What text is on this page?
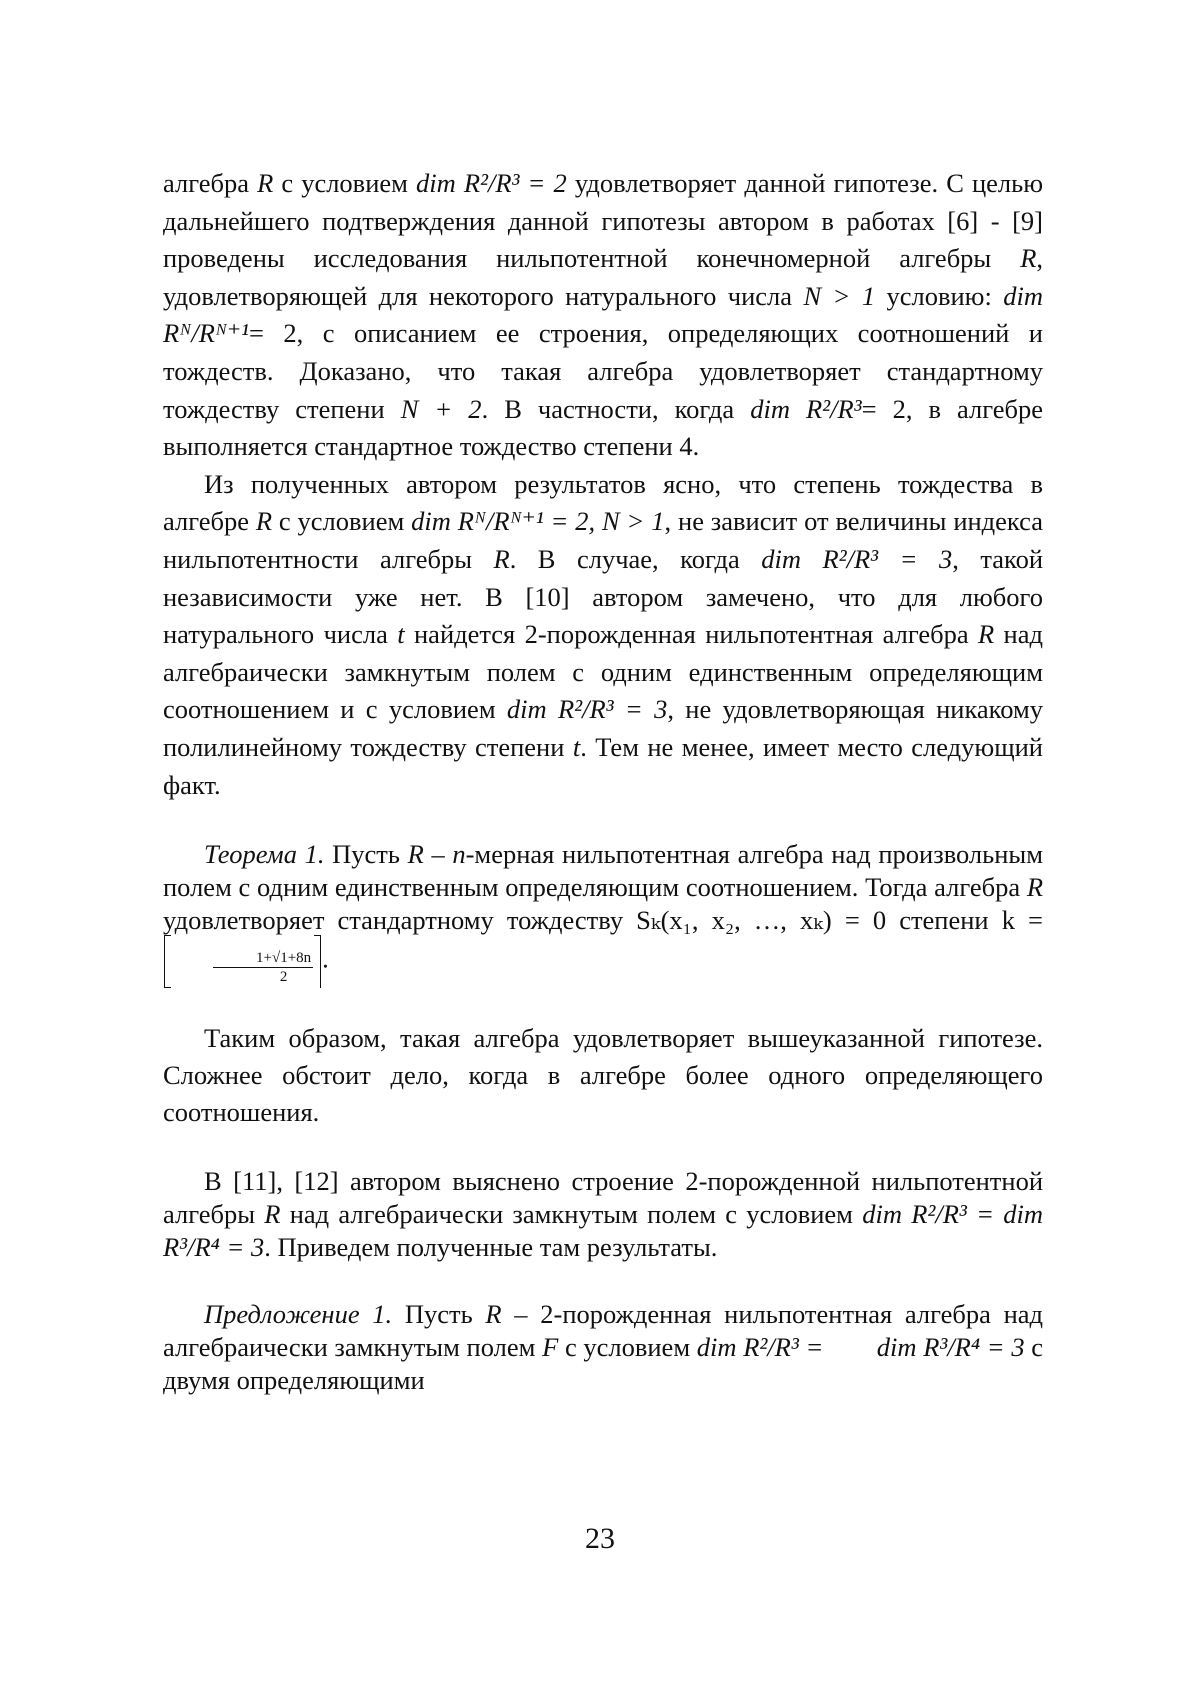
алгебра R с условием dim R²/R³ = 2 удовлетворяет данной гипотезе. С целью дальнейшего подтверждения данной гипотезы автором в работах [6] - [9] проведены исследования нильпотентной конечномерной алгебры R, удовлетворяющей для некоторого натурального числа N > 1 условию: dim Rᴺ/Rᴺ⁺¹= 2, с описанием ее строения, определяющих соотношений и тождеств. Доказано, что такая алгебра удовлетворяет стандартному тождеству степени N + 2. В частности, когда dim R²/R³= 2, в алгебре выполняется стандартное тождество степени 4.

Из полученных автором результатов ясно, что степень тождества в алгебре R с условием dim Rᴺ/Rᴺ⁺¹ = 2, N > 1, не зависит от величины индекса нильпотентности алгебры R. В случае, когда dim R²/R³ = 3, такой независимости уже нет. В [10] автором замечено, что для любого натурального числа t найдется 2-порожденная нильпотентная алгебра R над алгебраически замкнутым полем с одним единственным определяющим соотношением и с условием dim R²/R³ = 3, не удовлетворяющая никакому полилинейному тождеству степени t. Тем не менее, имеет место следующий факт.

Теорема 1. Пусть R – n-мерная нильпотентная алгебра над произвольным полем с одним единственным определяющим соотношением. Тогда алгебра R удовлетворяет стандартному тождеству Sₖ(x₁, x₂, …, xₖ) = 0 степени k =
1+√1+8n
2
.

Таким образом, такая алгебра удовлетворяет вышеуказанной гипотезе. Сложнее обстоит дело, когда в алгебре более одного определяющего соотношения.

В [11], [12] автором выяснено строение 2-порожденной нильпотентной алгебры R над алгебраически замкнутым полем с условием dim R²/R³ = dim R³/R⁴ = 3. Приведем полученные там результаты.

Предложение 1. Пусть R – 2-порожденная нильпотентная алгебра над алгебраически замкнутым полем F с условием dim R²/R³ = dim R³/R⁴ = 3 с двумя определяющими

23
